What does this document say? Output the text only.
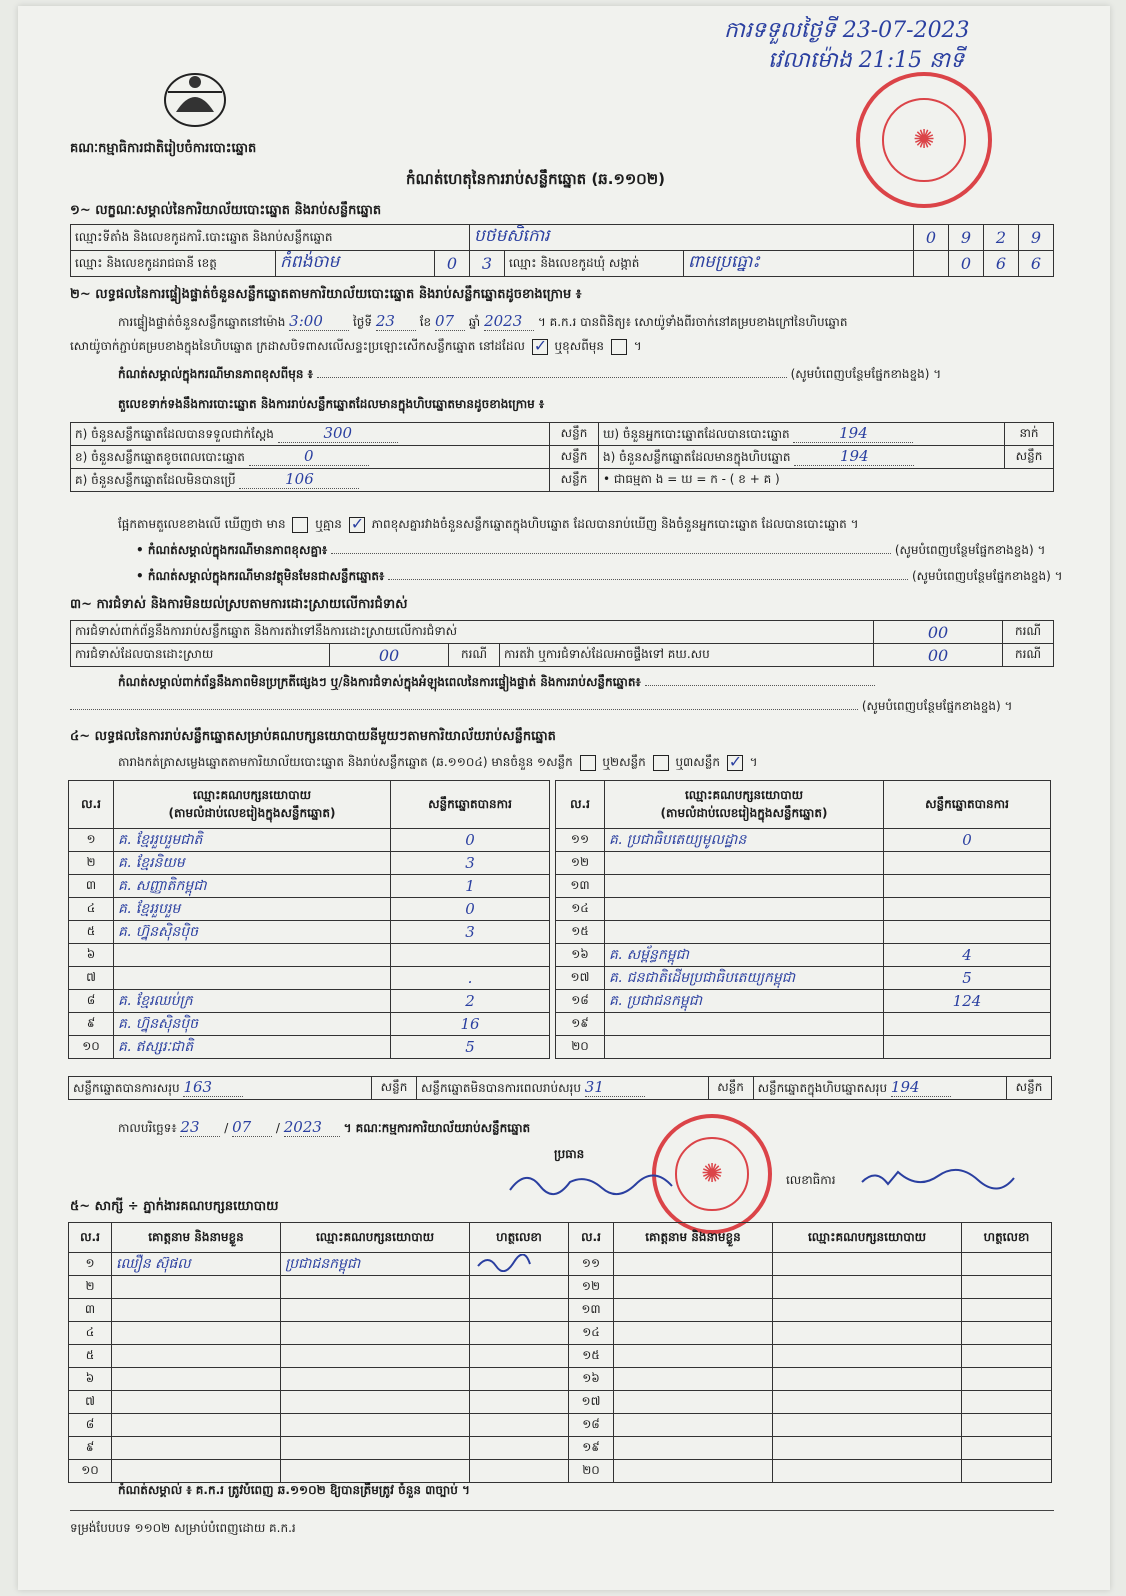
ការទទួលថ្ងៃទី 23-07-2023
វេលាម៉ោង 21:15 នាទី
✺
គណៈកម្មាធិការជាតិរៀបចំការបោះឆ្នោត
កំណត់ហេតុនៃការរាប់សន្លឹកឆ្នោត (ឆ.១១០២)
១~ លក្ខណៈសម្គាល់នៃការិយាល័យបោះឆ្នោត និងរាប់សន្លឹកឆ្នោត
ឈ្មោះទីតាំង និងលេខកូដការិ.បោះឆ្នោត និងរាប់សន្លឹកឆ្នោត			បថមសិកោរ			0	9	2	9
ឈ្មោះ និងលេខកូដរាជធានី ខេត្ត	កំពង់ចាម	0	3	ឈ្មោះ និងលេខកូដឃុំ សង្កាត់	ពាមប្រធ្នោះ		0	6	6
២~ លទ្ធផលនៃការផ្ទៀងផ្ទាត់ចំនួនសន្លឹកឆ្នោតតាមការិយាល័យបោះឆ្នោត និងរាប់សន្លឹកឆ្នោតដូចខាងក្រោម ៖
ការផ្ទៀងផ្ទាត់ចំនួនសន្លឹកឆ្នោតនៅម៉ោង 3:00	ថ្ងៃទី 23 ខែ 07 ឆ្នាំ 2023 ។ គ.ក.រ បានពិនិត្យ៖ សោយ៉ូទាំងពីរចាក់នៅគម្របខាងក្រៅនៃហិបឆ្នោត
សោយ៉ូចាក់ភ្ជាប់គម្របខាងក្នុងនៃហិបឆ្នោត ក្រដាសបិទពាសលើសន្ទះប្រឡោះសើកសន្លឹកឆ្នោត នៅដដែល ✓ ឬខុសពីមុន  ។
កំណត់សម្គាល់ក្នុងករណីមានភាពខុសពីមុន ៖	(សូមបំពេញបន្ថែមផ្នែកខាងខ្នង) ។
តួលេខទាក់ទងនឹងការបោះឆ្នោត និងការរាប់សន្លឹកឆ្នោតដែលមានក្នុងហិបឆ្នោតមានដូចខាងក្រោម ៖
ក) ចំនួនសន្លឹកឆ្នោតដែលបានទទួលជាក់ស្តែង 300	សន្លឹក	ឃ) ចំនួនអ្នកបោះឆ្នោតដែលបានបោះឆ្នោត 194	នាក់
ខ) ចំនួនសន្លឹកឆ្នោតខូចពេលបោះឆ្នោត 0	សន្លឹក	ង) ចំនួនសន្លឹកឆ្នោតដែលមានក្នុងហិបឆ្នោត 194	សន្លឹក
គ) ចំនួនសន្លឹកឆ្នោតដែលមិនបានប្រើ 106	សន្លឹក	• ជាធម្មតា ង = ឃ = ក - ( ខ + គ )	
ផ្អែកតាមតួលេខខាងលើ ឃើញថា មាន ឬគ្មាន ✓ ភាពខុសគ្នារវាងចំនួនសន្លឹកឆ្នោតក្នុងហិបឆ្នោត ដែលបានរាប់ឃើញ និងចំនួនអ្នកបោះឆ្នោត ដែលបានបោះឆ្នោត ។
• កំណត់សម្គាល់ក្នុងករណីមានភាពខុសគ្នា៖	(សូមបំពេញបន្ថែមផ្នែកខាងខ្នង) ។
• កំណត់សម្គាល់ក្នុងករណីមានវត្ថុមិនមែនជាសន្លឹកឆ្នោត៖	(សូមបំពេញបន្ថែមផ្នែកខាងខ្នង) ។
៣~ ការជំទាស់ និងការមិនយល់ស្របតាមការដោះស្រាយលើការជំទាស់
ការជំទាស់ពាក់ព័ន្ធនឹងការរាប់សន្លឹកឆ្នោត និងការតវ៉ាទៅនឹងការដោះស្រាយលើការជំទាស់				00	ករណី
ការជំទាស់ដែលបានដោះស្រាយ	00	ករណី	ការតវ៉ា ឬការជំទាស់ដែលអាចផ្ទឹងទៅ គឃ.សប	00	ករណី
កំណត់សម្គាល់ពាក់ព័ន្ធនឹងភាពមិនប្រក្រតីផ្សេងៗ ឬ/និងការជំទាស់ក្នុងអំឡុងពេលនៃការផ្ទៀងផ្ទាត់ និងការរាប់សន្លឹកឆ្នោត៖
(សូមបំពេញបន្ថែមផ្នែកខាងខ្នង) ។
៤~ លទ្ធផលនៃការរាប់សន្លឹកឆ្នោតសម្រាប់គណបក្សនយោបាយនីមួយៗតាមការិយាល័យរាប់សន្លឹកឆ្នោត
តារាងកត់ត្រាសម្លេងឆ្នោតតាមការិយាល័យបោះឆ្នោត និងរាប់សន្លឹកឆ្នោត (ឆ.១១០៤) មានចំនួន ១សន្លឹក ឬ២សន្លឹក ឬ៣សន្លឹក ✓ ។
ល.រ	ឈ្មោះគណបក្សនយោបាយ
(តាមលំដាប់លេខរៀងក្នុងសន្លឹកឆ្នោត)	សន្លឹកឆ្នោតបានការ
១	គ. ខ្មែររួបរួមជាតិ	0
២	គ. ខ្មែរនិយម	3
៣	គ. សញ្ញាតិកម្ពុជា	1
៤	គ. ខ្មែររួបរួម	0
៥	គ. ហ្វ៊ុនស៊ិនប៉ិច	3
៦		
៧		.
៨	គ. ខ្មែរឈប់ក្រ	2
៩	គ. ហ្វ៊ុនស៊ិនប៉ិច	16
១០	គ. ឥស្សរៈជាតិ	5
ល.រ	ឈ្មោះគណបក្សនយោបាយ
(តាមលំដាប់លេខរៀងក្នុងសន្លឹកឆ្នោត)	សន្លឹកឆ្នោតបានការ
១១	គ. ប្រជាធិបតេយ្យមូលដ្ឋាន	0
១២		
១៣		
១៤		
១៥		
១៦	គ. សម្ព័ន្ធកម្ពុជា	4
១៧	គ. ជនជាតិដើមប្រជាធិបតេយ្យកម្ពុជា	5
១៨	គ. ប្រជាជនកម្ពុជា	124
១៩		
២០		
សន្លឹកឆ្នោតបានការសរុប 163	សន្លឹក	សន្លឹកឆ្នោតមិនបានការពេលរាប់សរុប 31	សន្លឹក	សន្លឹកឆ្នោតក្នុងហិបឆ្នោតសរុប 194	សន្លឹក
កាលបរិច្ឆេទ៖ 23 / 07 / 2023 ។ គណៈកម្មការការិយាល័យរាប់សន្លឹកឆ្នោត
✺
ប្រធាន
លេខាធិការ
៥~ សាក្សី ÷ ភ្នាក់ងារគណបក្សនយោបាយ
ល.រ	គោត្តនាម និងនាមខ្លួន	ឈ្មោះគណបក្សនយោបាយ	ហត្ថលេខា	ល.រ	គោត្តនាម និងនាមខ្លួន	ឈ្មោះគណបក្សនយោបាយ	ហត្ថលេខា
១	ឈឿន ស៊ុផល	ប្រជាជនកម្ពុជា		១១			
២				១២			
៣				១៣			
៤				១៤			
៥				១៥			
៦				១៦			
៧				១៧			
៨				១៨			
៩				១៩			
១០				២០			
កំណត់សម្គាល់ ៖ គ.ក.រ ត្រូវបំពេញ ឆ.១១០២ ឱ្យបានត្រឹមត្រូវ ចំនួន ៣ច្បាប់ ។
ទម្រង់បែបបទ ១១០២ សម្រាប់បំពេញដោយ គ.ក.រ
